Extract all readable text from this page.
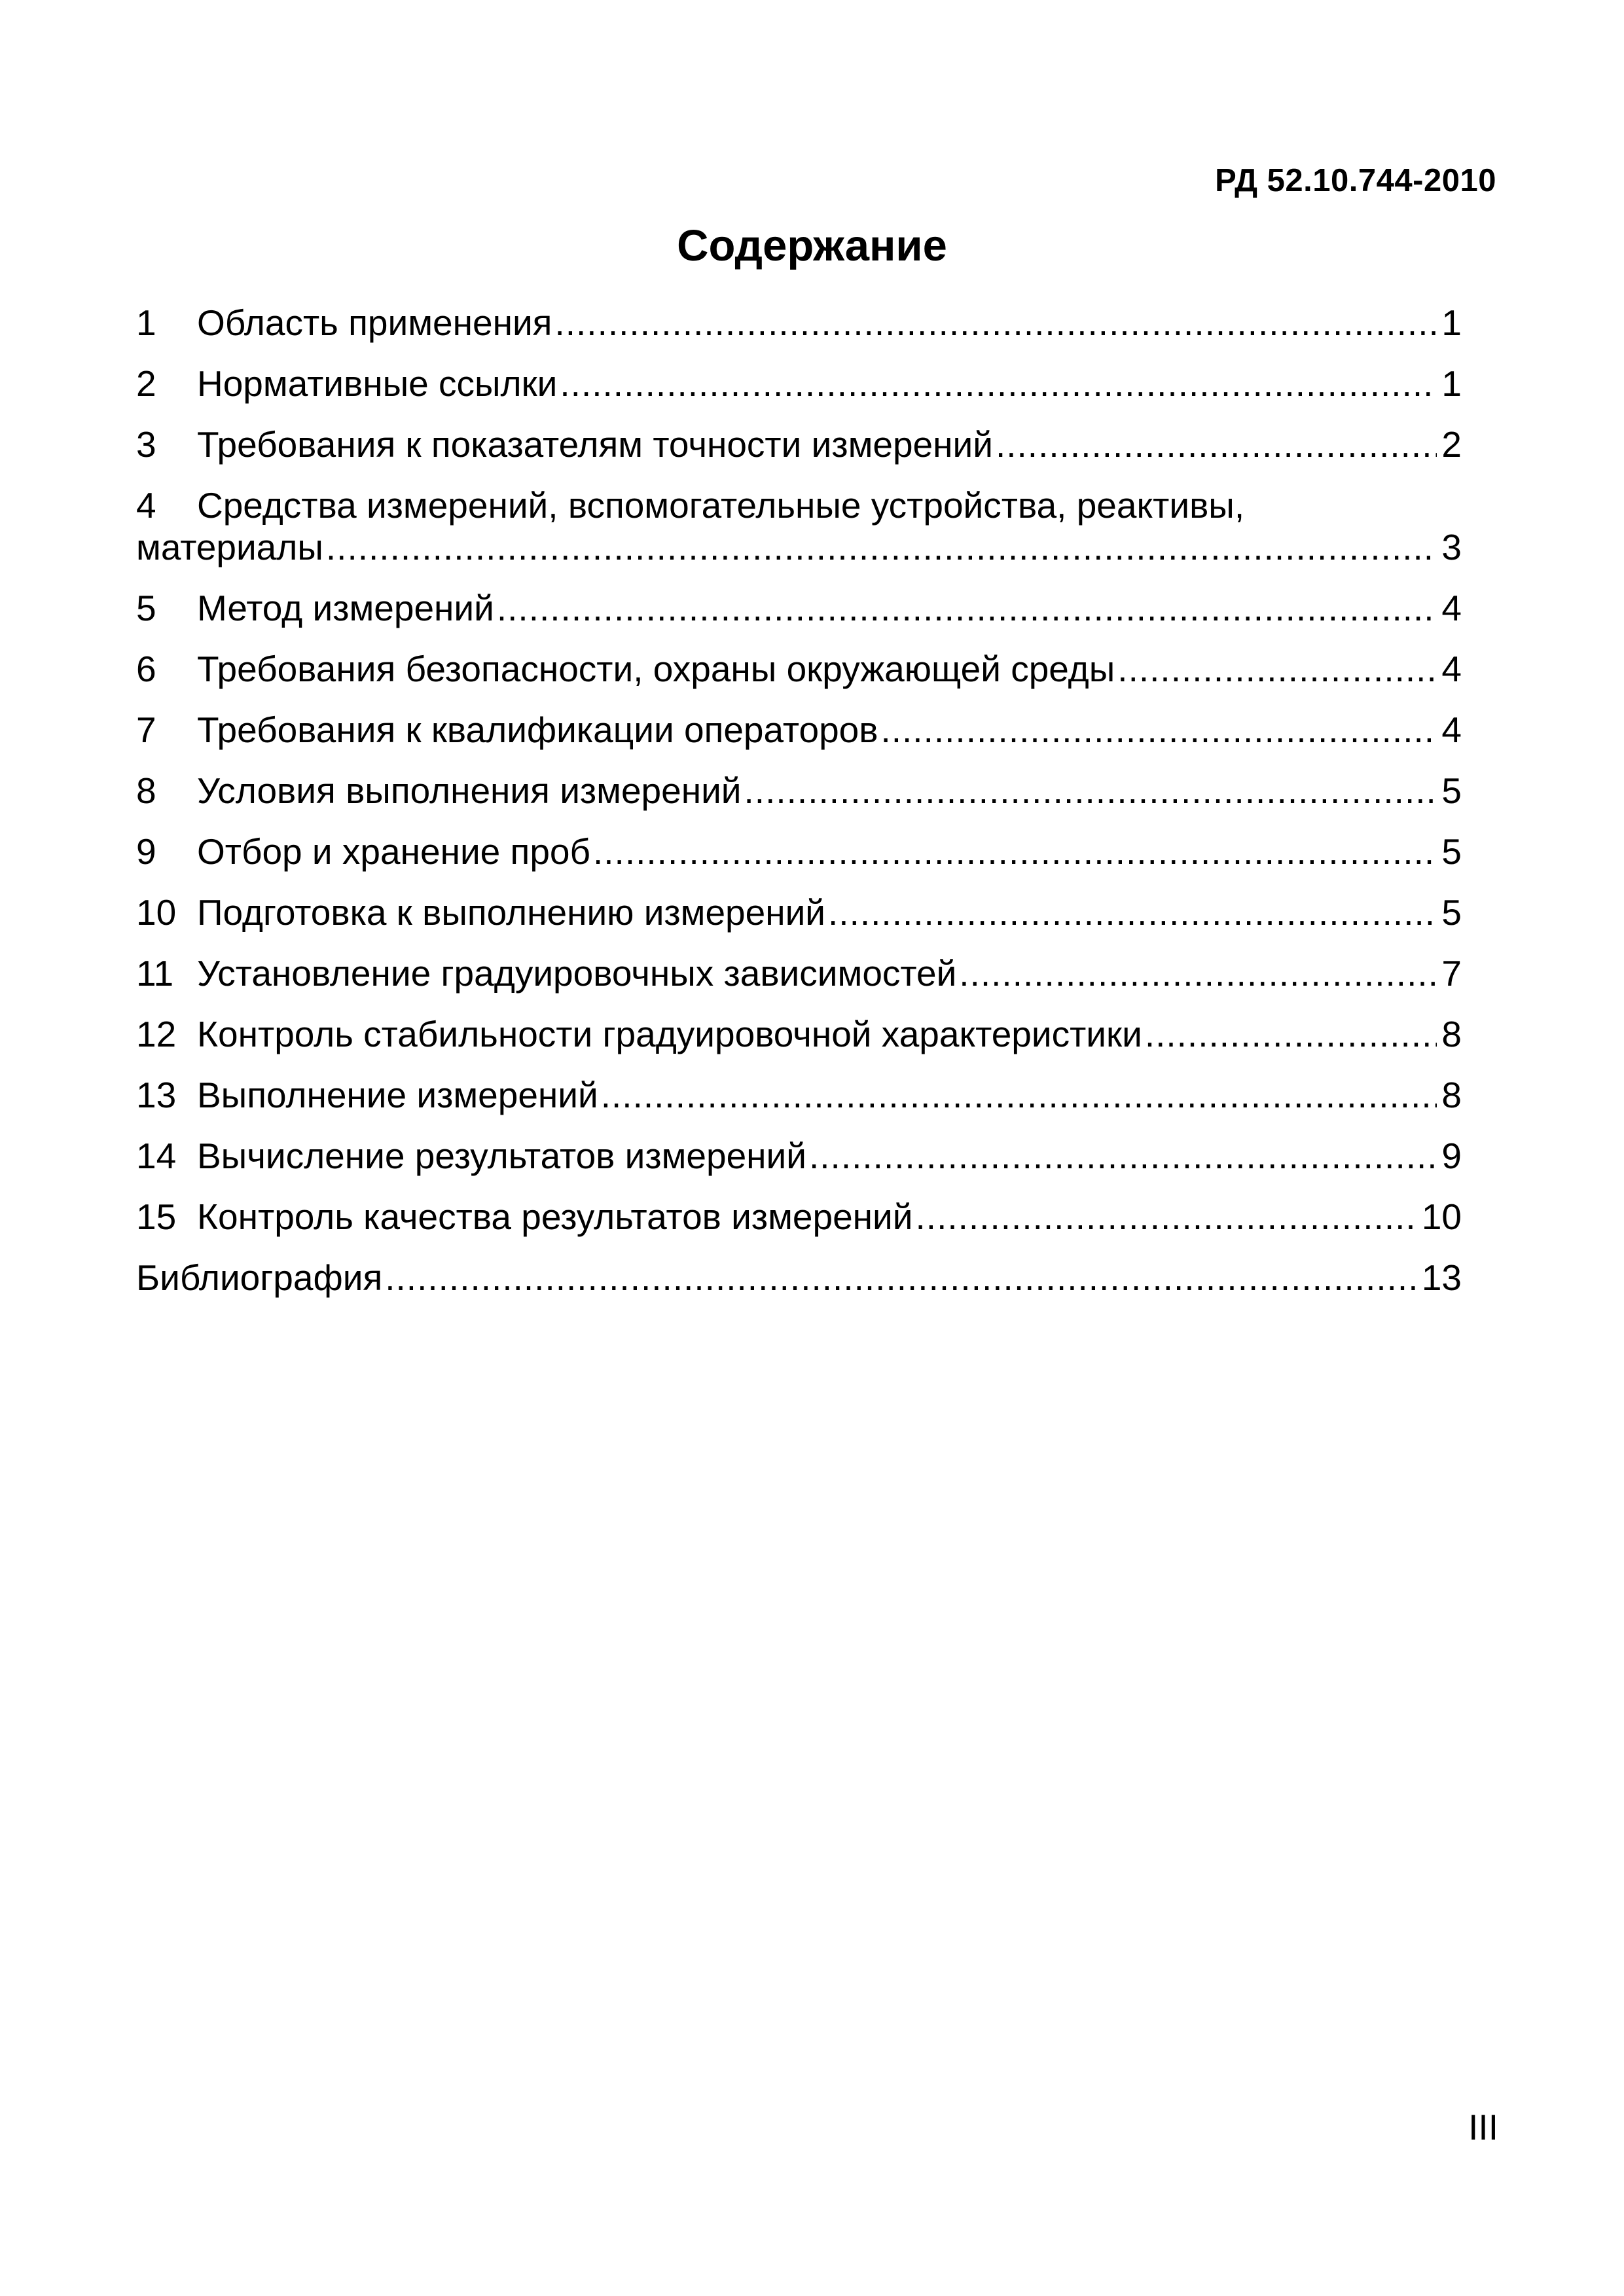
РД 52.10.744-2010
Содержание
1	Область применения .....	1
2	Нормативные ссылки .....	1
3	Требования к показателям точности измерений .....	2
4	Средства измерений, вспомогательные устройства, реактивы,
материалы .....	3
5	Метод измерений .....	4
6	Требования безопасности, охраны окружающей среды .....	4
7	Требования к квалификации операторов .....	4
8	Условия выполнения измерений .....	5
9	Отбор и хранение проб .....	5
10 Подготовка к выполнению измерений .....	5
11 Установление градуировочных зависимостей .....	7
12 Контроль стабильности градуировочной характеристики .....	8
13 Выполнение измерений .....	8
14 Вычисление результатов измерений .....	9
15 Контроль качества результатов измерений .....	10
Библиография .....	13
III
